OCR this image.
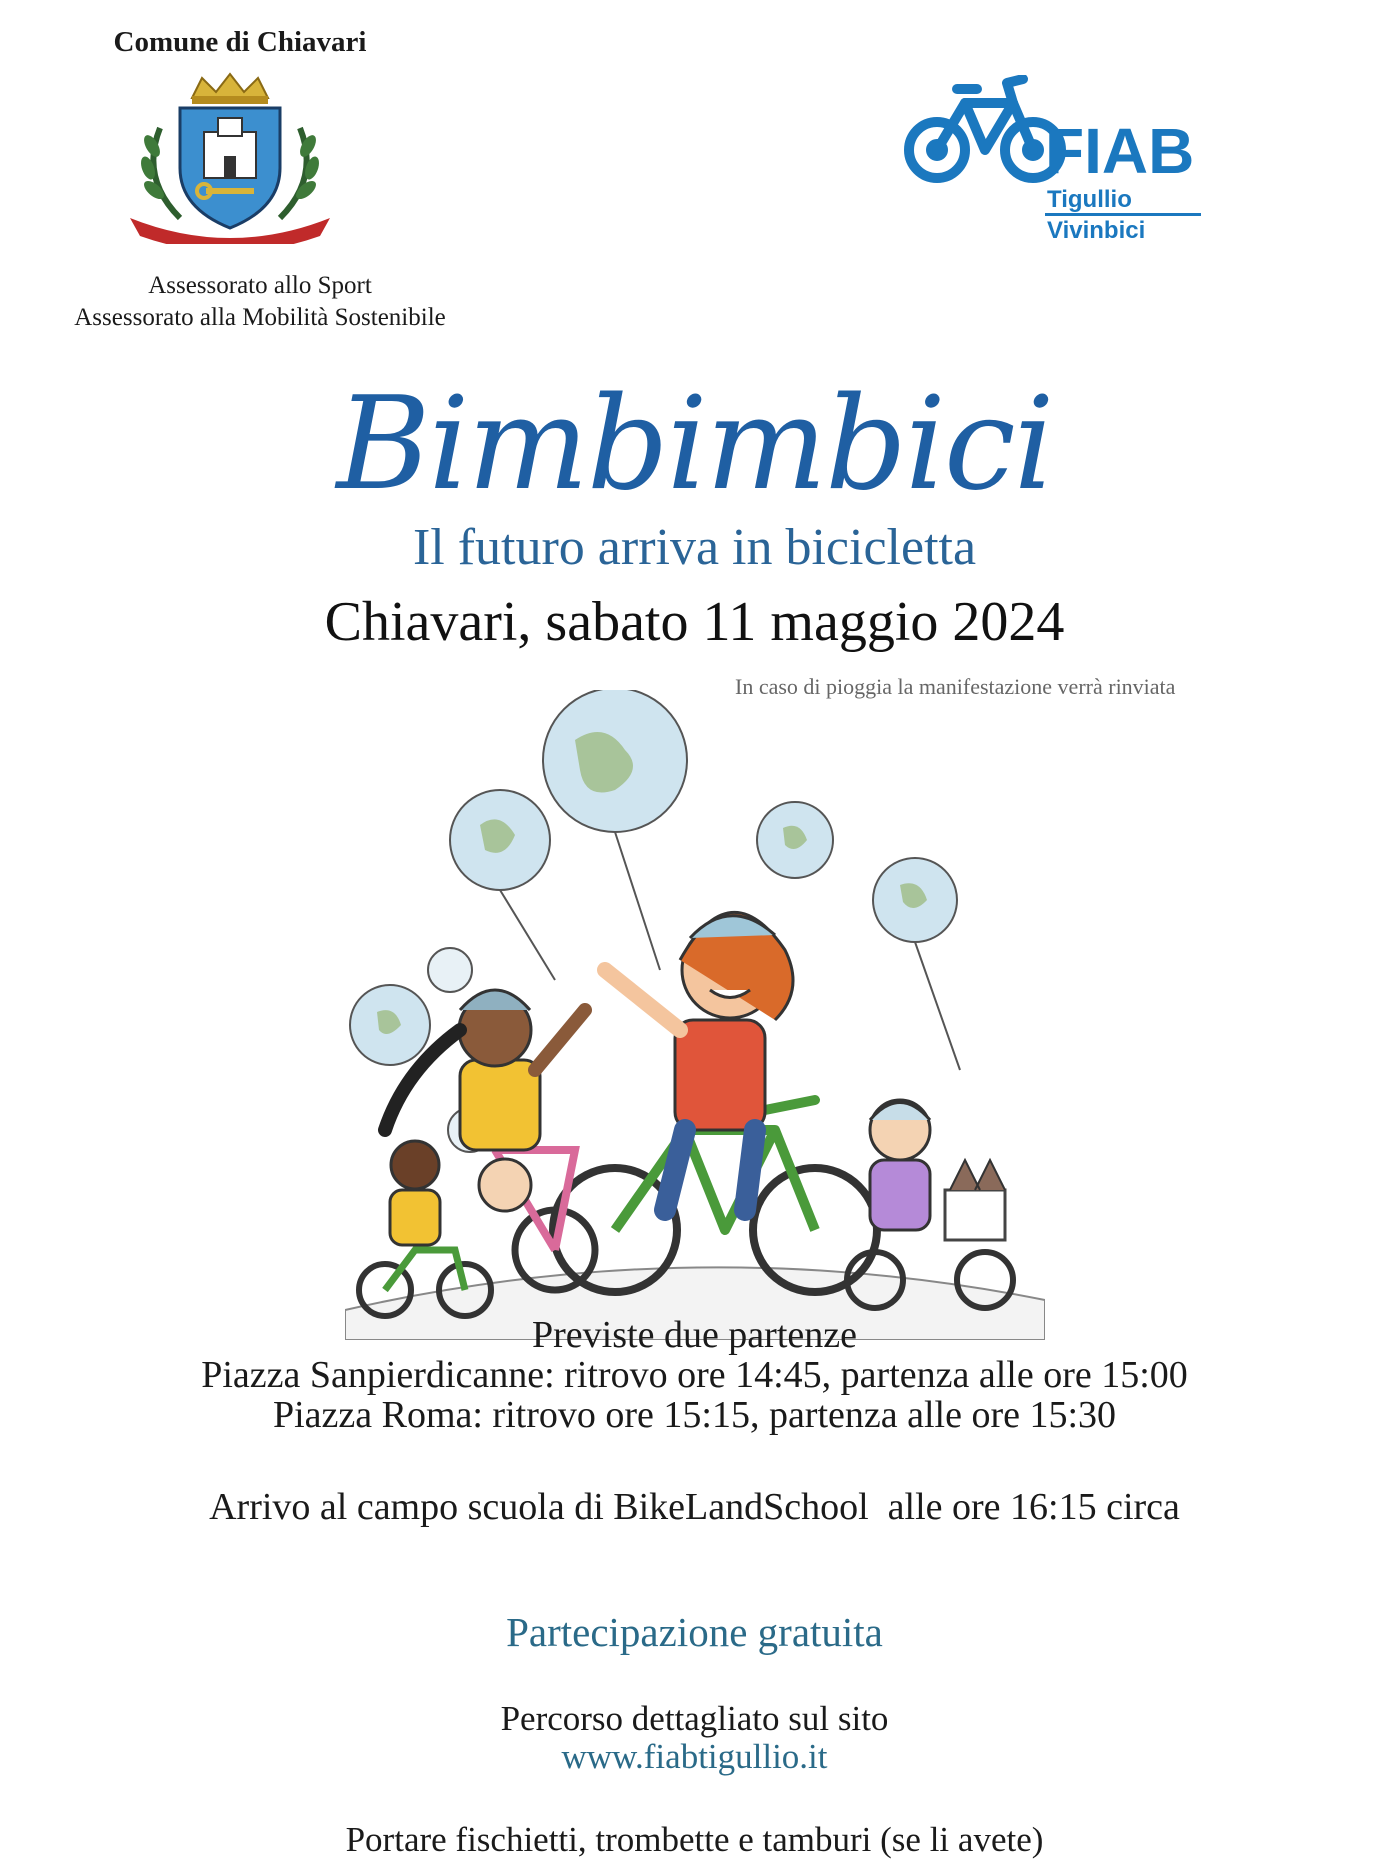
Comune di Chiavari
Assessorato allo Sport
Assessorato alla Mobilità Sostenibile
FIAB
Tigullio
Vivinbici
Bimbimbici
Il futuro arriva in bicicletta
Chiavari, sabato 11 maggio 2024
In caso di pioggia la manifestazione verrà rinviata
Previste due partenze
Piazza Sanpierdicanne: ritrovo ore 14:45, partenza alle ore 15:00
Piazza Roma: ritrovo ore 15:15, partenza alle ore 15:30
Arrivo al campo scuola di BikeLandSchool  alle ore 16:15 circa
Partecipazione gratuita
Percorso dettagliato sul sito
www.fiabtigullio.it
Portare fischietti, trombette e tamburi (se li avete)
